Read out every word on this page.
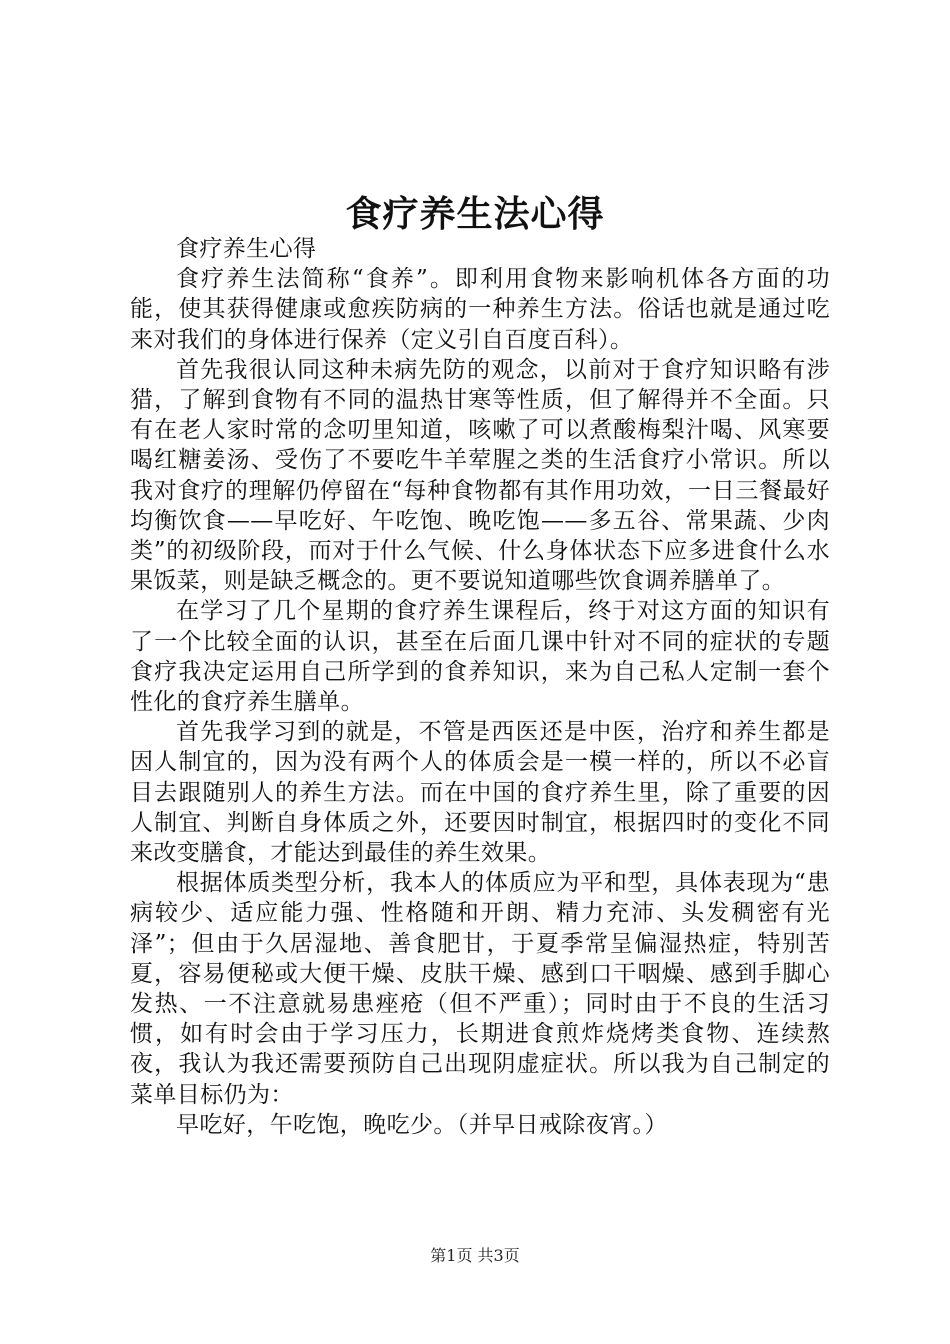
食疗养生法心得

食疗养生心得

食疗养生法简称“食养”。即利用食物来影响机体各方面的功能，使其获得健康或愈疾防病的一种养生方法。俗话也就是通过吃来对我们的身体进行保养（定义引自百度百科）。

首先我很认同这种未病先防的观念，以前对于食疗知识略有涉猎，了解到食物有不同的温热甘寒等性质，但了解得并不全面。只有在老人家时常的念叨里知道，咳嗽了可以煮酸梅梨汁喝、风寒要喝红糖姜汤、受伤了不要吃牛羊荤腥之类的生活食疗小常识。所以我对食疗的理解仍停留在“每种食物都有其作用功效，一日三餐最好均衡饮食——早吃好、午吃饱、晚吃饱——多五谷、常果蔬、少肉类”的初级阶段，而对于什么气候、什么身体状态下应多进食什么水果饭菜，则是缺乏概念的。更不要说知道哪些饮食调养膳单了。

在学习了几个星期的食疗养生课程后，终于对这方面的知识有了一个比较全面的认识，甚至在后面几课中针对不同的症状的专题食疗我决定运用自己所学到的食养知识，来为自己私人定制一套个性化的食疗养生膳单。

首先我学习到的就是，不管是西医还是中医，治疗和养生都是因人制宜的，因为没有两个人的体质会是一模一样的，所以不必盲目去跟随别人的养生方法。而在中国的食疗养生里，除了重要的因人制宜、判断自身体质之外，还要因时制宜，根据四时的变化不同来改变膳食，才能达到最佳的养生效果。

根据体质类型分析，我本人的体质应为平和型，具体表现为“患病较少、适应能力强、性格随和开朗、精力充沛、头发稠密有光泽”；但由于久居湿地、善食肥甘，于夏季常呈偏湿热症，特别苦夏，容易便秘或大便干燥、皮肤干燥、感到口干咽燥、感到手脚心发热、一不注意就易患痤疮（但不严重）；同时由于不良的生活习惯，如有时会由于学习压力，长期进食煎炸烧烤类食物、连续熬夜，我认为我还需要预防自己出现阴虚症状。所以我为自己制定的菜单目标仍为：

早吃好，午吃饱，晚吃少。（并早日戒除夜宵。）

第1页 共3页
